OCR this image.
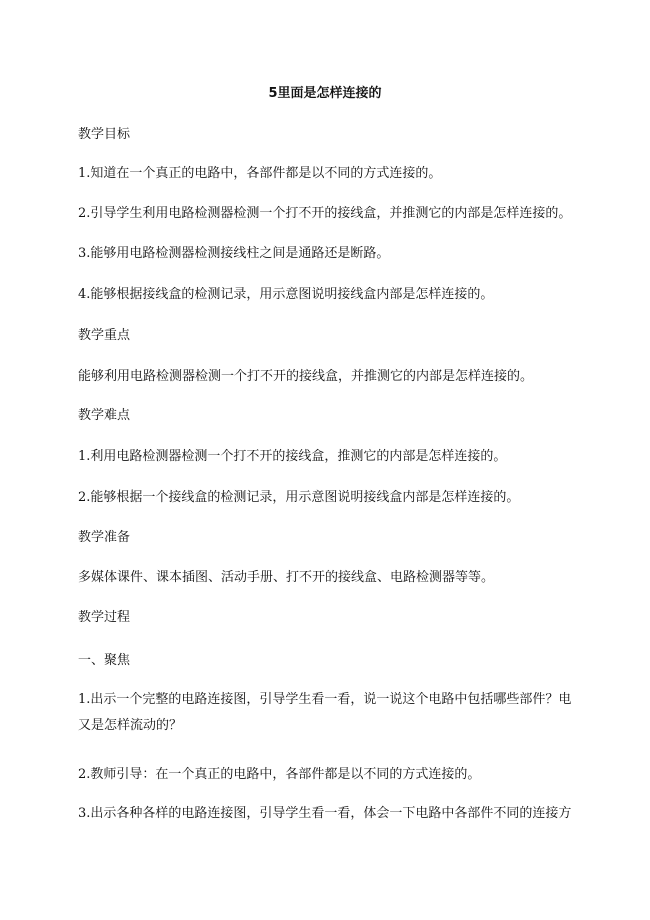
5里面是怎样连接的
教学目标
1.知道在一个真正的电路中，各部件都是以不同的方式连接的。
2.引导学生利用电路检测器检测一个打不开的接线盒，并推测它的内部是怎样连接的。
3.能够用电路检测器检测接线柱之间是通路还是断路。
4.能够根据接线盒的检测记录，用示意图说明接线盒内部是怎样连接的。
教学重点
能够利用电路检测器检测一个打不开的接线盒，并推测它的内部是怎样连接的。
教学难点
1.利用电路检测器检测一个打不开的接线盒，推测它的内部是怎样连接的。
2.能够根据一个接线盒的检测记录，用示意图说明接线盒内部是怎样连接的。
教学准备
多媒体课件、课本插图、活动手册、打不开的接线盒、电路检测器等等。
教学过程
一、聚焦
1.出示一个完整的电路连接图，引导学生看一看，说一说这个电路中包括哪些部件？电又是怎样流动的？
2.教师引导：在一个真正的电路中，各部件都是以不同的方式连接的。
3.出示各种各样的电路连接图，引导学生看一看，体会一下电路中各部件不同的连接方
